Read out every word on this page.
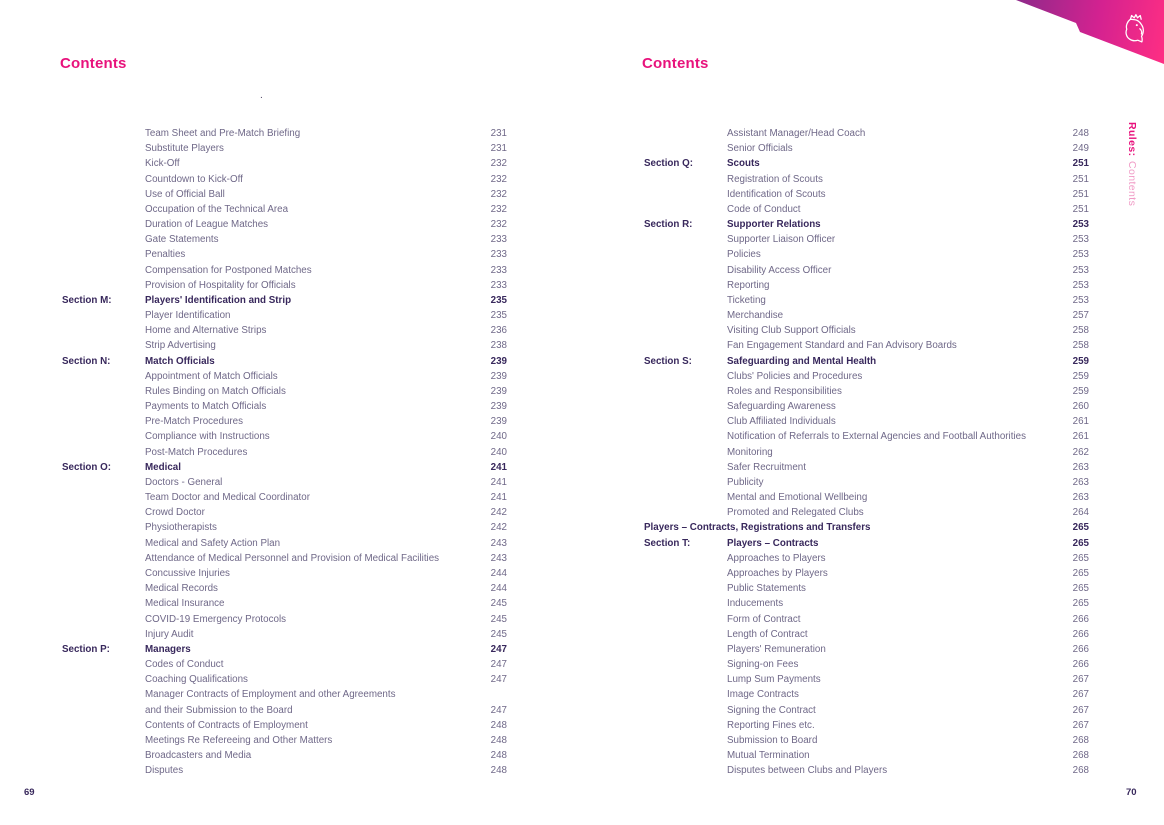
Rules:Contents
Contents	Contents
.
Team Sheet and Pre-Match Briefing	231
Substitute Players	231
Kick-Off	232
Countdown to Kick-Off	232
Use of Official Ball	232
Occupation of the Technical Area	232
Duration of League Matches	232
Gate Statements	233
Penalties	233
Compensation for Postponed Matches	233
Provision of Hospitality for Officials	233
Section M:	Players' Identification and Strip	235
Player Identification	235
Home and Alternative Strips	236
Strip Advertising	238
Section N:	Match Officials	239
Appointment of Match Officials	239
Rules Binding on Match Officials	239
Payments to Match Officials	239
Pre-Match Procedures	239
Compliance with Instructions	240
Post-Match Procedures	240
Section O:	Medical	241
Doctors - General	241
Team Doctor and Medical Coordinator	241
Crowd Doctor	242
Physiotherapists	242
Medical and Safety Action Plan	243
Attendance of Medical Personnel and Provision of Medical Facilities	243
Concussive Injuries	244
Medical Records	244
Medical Insurance	245
COVID-19 Emergency Protocols	245
Injury Audit	245
Section P:	Managers	247
Codes of Conduct	247
Coaching Qualifications	247
Manager Contracts of Employment and other Agreements
and their Submission to the Board	247
Contents of Contracts of Employment	248
Meetings Re Refereeing and Other Matters	248
Broadcasters and Media	248
Disputes	248
Assistant Manager/Head Coach	248
Senior Officials	249
Section Q:	Scouts	251
Registration of Scouts	251
Identification of Scouts	251
Code of Conduct	251
Section R:	Supporter Relations	253
Supporter Liaison Officer	253
Policies	253
Disability Access Officer	253
Reporting	253
Ticketing	253
Merchandise	257
Visiting Club Support Officials	258
Fan Engagement Standard and Fan Advisory Boards	258
Section S:	Safeguarding and Mental Health	259
Clubs' Policies and Procedures	259
Roles and Responsibilities	259
Safeguarding Awareness	260
Club Affiliated Individuals	261
Notification of Referrals to External Agencies and Football Authorities	261
Monitoring	262
Safer Recruitment	263
Publicity	263
Mental and Emotional Wellbeing	263
Promoted and Relegated Clubs	264
Players – Contracts, Registrations and Transfers	265
Section T:	Players – Contracts	265
Approaches to Players	265
Approaches by Players	265
Public Statements	265
Inducements	265
Form of Contract	266
Length of Contract	266
Players' Remuneration	266
Signing-on Fees	266
Lump Sum Payments	267
Image Contracts	267
Signing the Contract	267
Reporting Fines etc.	267
Submission to Board	268
Mutual Termination	268
Disputes between Clubs and Players	268
69	70
